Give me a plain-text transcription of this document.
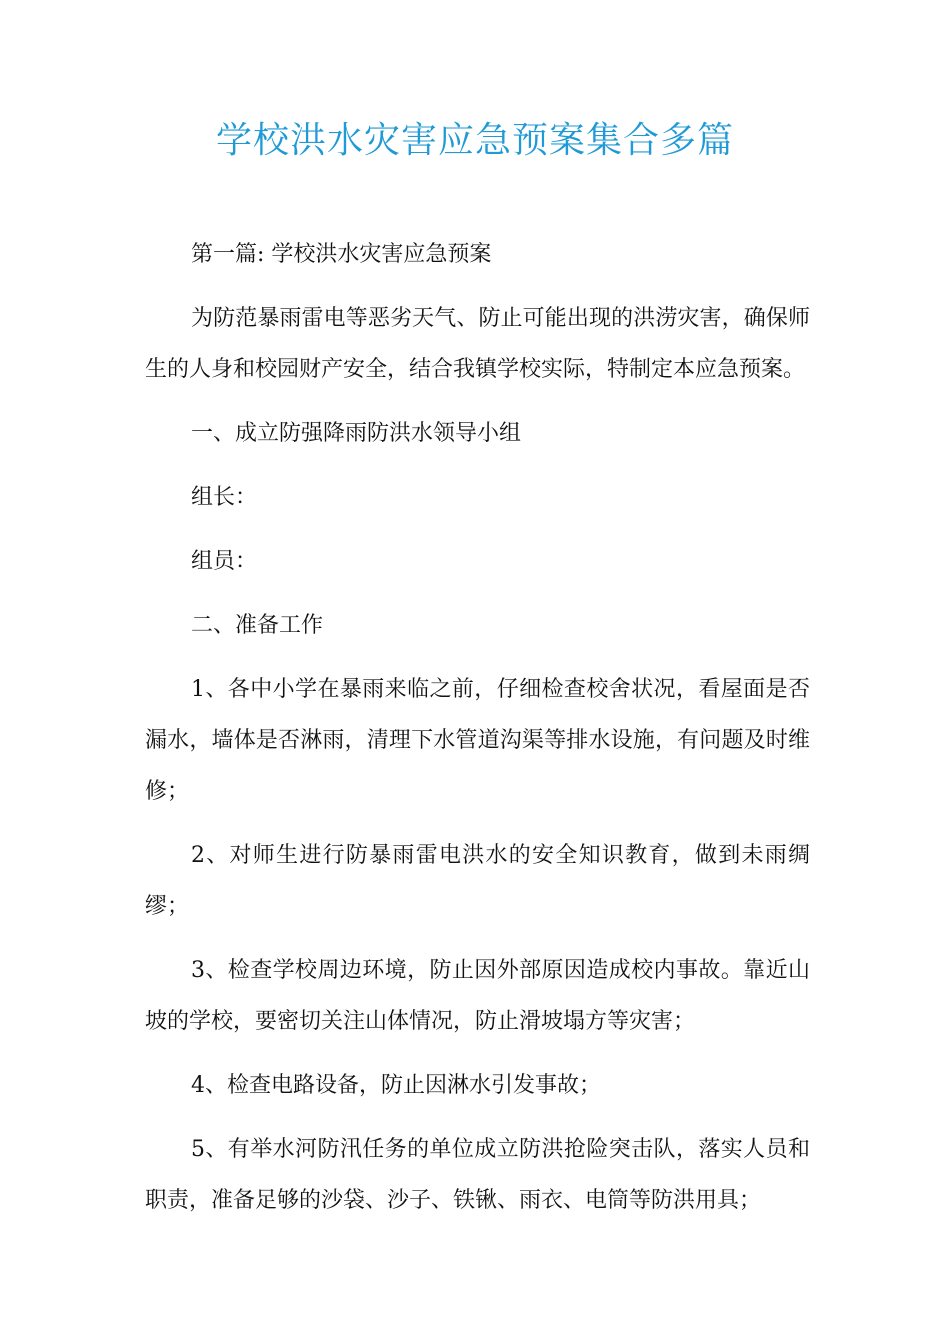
学校洪水灾害应急预案集合多篇

第一篇: 学校洪水灾害应急预案

为防范暴雨雷电等恶劣天气、防止可能出现的洪涝灾害，确保师生的人身和校园财产安全，结合我镇学校实际，特制定本应急预案。

一、成立防强降雨防洪水领导小组

组长：

组员：

二、准备工作

1、各中小学在暴雨来临之前，仔细检查校舍状况，看屋面是否漏水，墙体是否淋雨，清理下水管道沟渠等排水设施，有问题及时维修；

2、对师生进行防暴雨雷电洪水的安全知识教育，做到未雨绸缪；

3、检查学校周边环境，防止因外部原因造成校内事故。靠近山坡的学校，要密切关注山体情况，防止滑坡塌方等灾害；

4、检查电路设备，防止因淋水引发事故；

5、有举水河防汛任务的单位成立防洪抢险突击队，落实人员和职责，准备足够的沙袋、沙子、铁锹、雨衣、电筒等防洪用具；
